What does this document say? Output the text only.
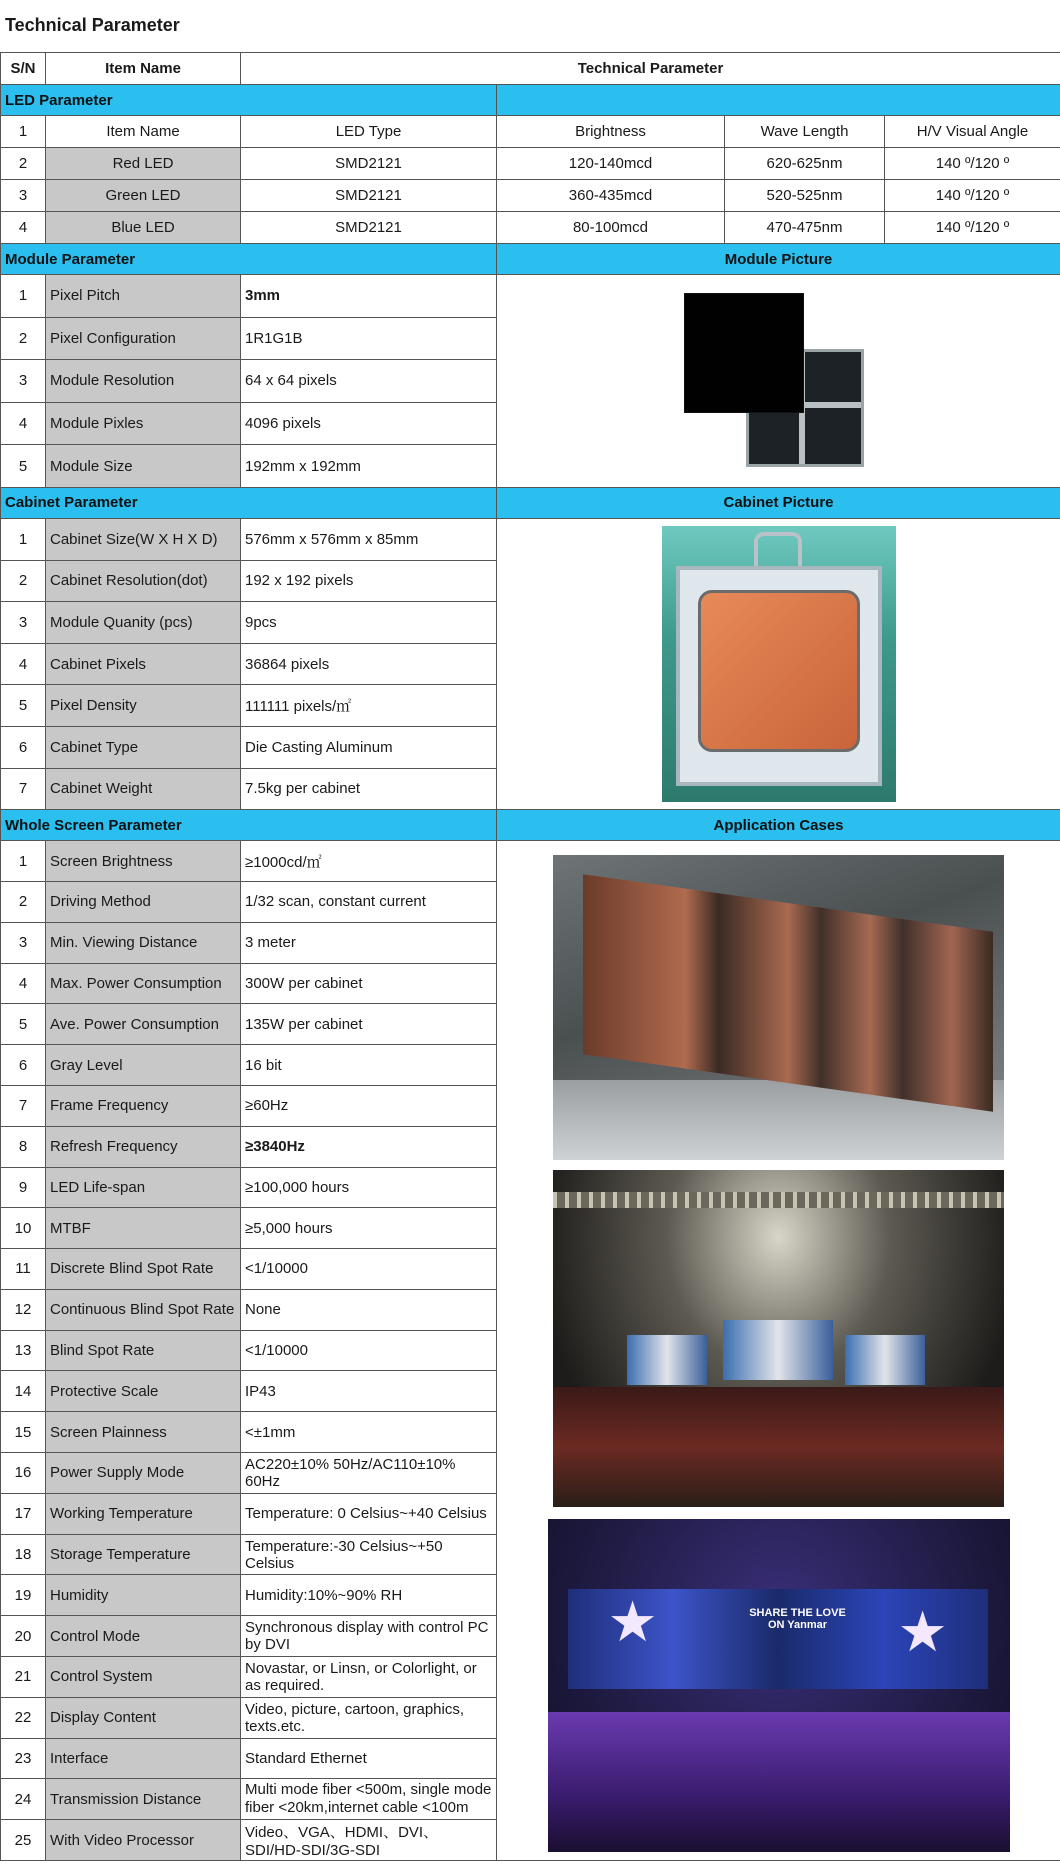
Technical Parameter
S/N	Item Name	Technical Parameter			
LED Parameter					
1	Item Name	LED Type	Brightness	Wave Length	H/V Visual Angle
2	Red LED	SMD2121	120-140mcd	620-625nm	140 º/120 º
3	Green LED	SMD2121	360-435mcd	520-525nm	140 º/120 º
4	Blue LED	SMD2121	80-100mcd	470-475nm	140 º/120 º
Module Parameter			Module Picture		
1	Pixel Pitch	3mm			

2	Pixel Configuration	1R1G1B			
3	Module Resolution	64 x 64 pixels			
4	Module Pixles	4096 pixels			
5	Module Size	192mm x 192mm			
Cabinet Parameter			Cabinet Picture		
1	Cabinet Size(W X H X D)	576mm x 576mm x 85mm			

2	Cabinet Resolution(dot)	192 x 192 pixels			
3	Module Quanity (pcs)	9pcs			
4	Cabinet Pixels	36864 pixels			
5	Pixel Density	111111 pixels/㎡			
6	Cabinet Type	Die Casting Aluminum			
7	Cabinet Weight	7.5kg per cabinet			
Whole Screen Parameter			Application Cases		
1	Screen Brightness	≥1000cd/㎡	★ ★
SHARE THE LOVE ON Yanmar		

2	Driving Method	1/32 scan, constant current			
3	Min. Viewing Distance	3 meter			
4	Max. Power Consumption	300W per cabinet			
5	Ave. Power Consumption	135W per cabinet			
6	Gray Level	16 bit			
7	Frame Frequency	≥60Hz			
8	Refresh Frequency	≥3840Hz			
9	LED Life-span	≥100,000 hours			
10	MTBF	≥5,000 hours			
11	Discrete Blind Spot Rate	<1/10000			
12	Continuous Blind Spot Rate	None			
13	Blind Spot Rate	<1/10000			
14	Protective Scale	IP43			
15	Screen Plainness	<±1mm			
16	Power Supply Mode	AC220±10% 50Hz/AC110±10% 60Hz			
17	Working Temperature	Temperature: 0 Celsius~+40 Celsius			
18	Storage Temperature	Temperature:-30 Celsius~+50 Celsius			
19	Humidity	Humidity:10%~90% RH			
20	Control Mode	Synchronous display with control PC by DVI			
21	Control System	Novastar, or Linsn, or Colorlight, or as required.			
22	Display Content	Video, picture, cartoon, graphics, texts.etc.			
23	Interface	Standard Ethernet			
24	Transmission Distance	Multi mode fiber <500m, single mode fiber <20km,internet cable <100m			
25	With Video Processor	Video、VGA、HDMI、DVI、SDI/HD-SDI/3G-SDI			
